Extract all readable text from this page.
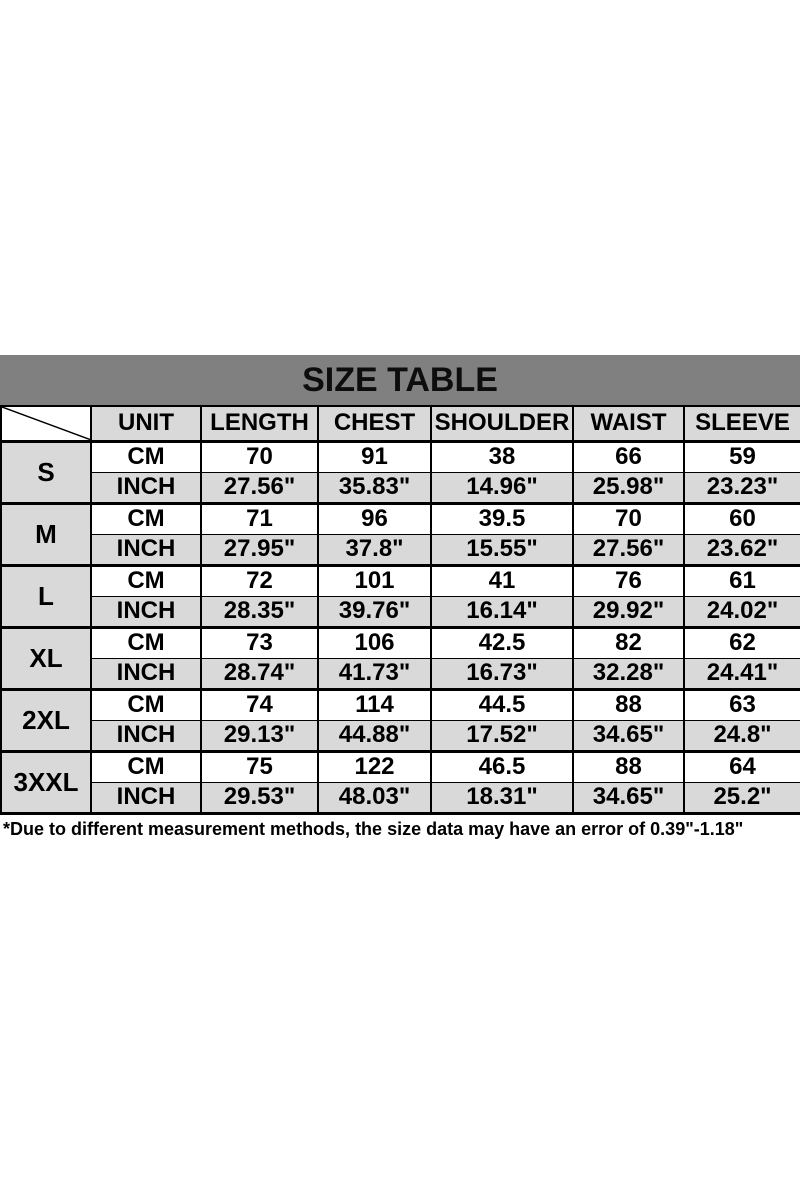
SIZE TABLE
	UNIT	LENGTH	CHEST	SHOULDER	WAIST	SLEEVE
S	CM	70	91	38	66	59
	INCH	27.56"	35.83"	14.96"	25.98"	23.23"
M	CM	71	96	39.5	70	60
	INCH	27.95"	37.8"	15.55"	27.56"	23.62"
L	CM	72	101	41	76	61
	INCH	28.35"	39.76"	16.14"	29.92"	24.02"
XL	CM	73	106	42.5	82	62
	INCH	28.74"	41.73"	16.73"	32.28"	24.41"
2XL	CM	74	114	44.5	88	63
	INCH	29.13"	44.88"	17.52"	34.65"	24.8"
3XXL	CM	75	122	46.5	88	64
	INCH	29.53"	48.03"	18.31"	34.65"	25.2"
*Due to different measurement methods, the size data may have an error of 0.39"-1.18"
